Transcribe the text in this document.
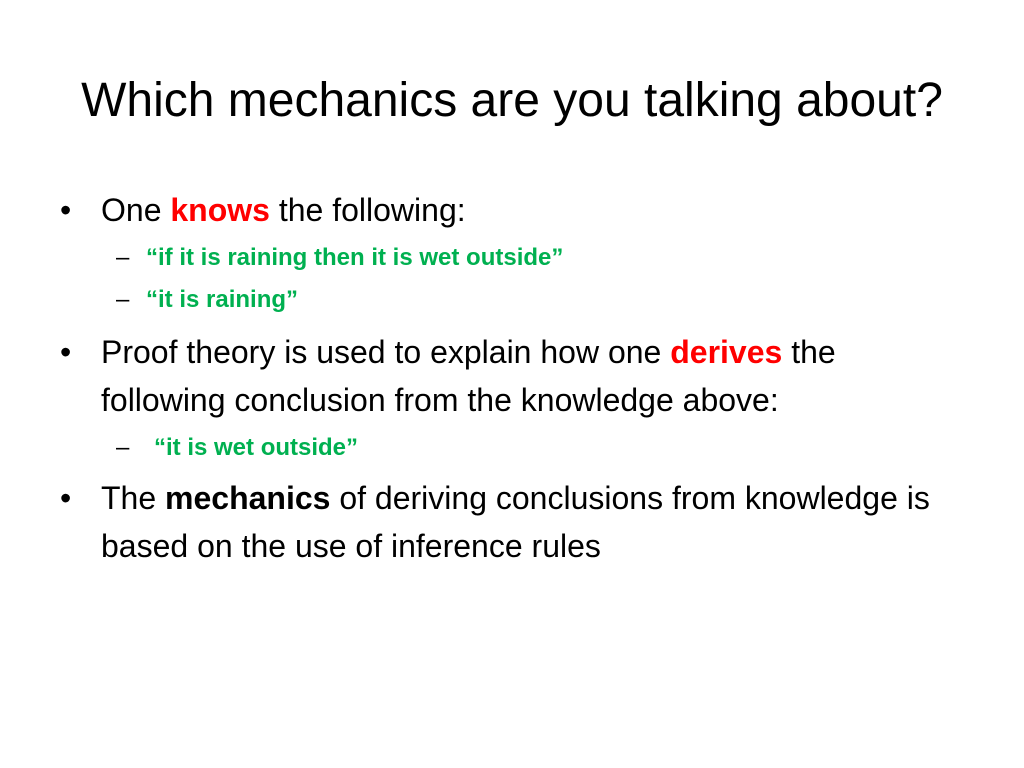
Which mechanics are you talking about?
• One knows the following:
– “if it is raining then it is wet outside”
– “it is raining”
• Proof theory is used to explain how one derives the following conclusion from the knowledge above:
– “it is wet outside”
• The mechanics of deriving conclusions from knowledge is based on the use of inference rules
